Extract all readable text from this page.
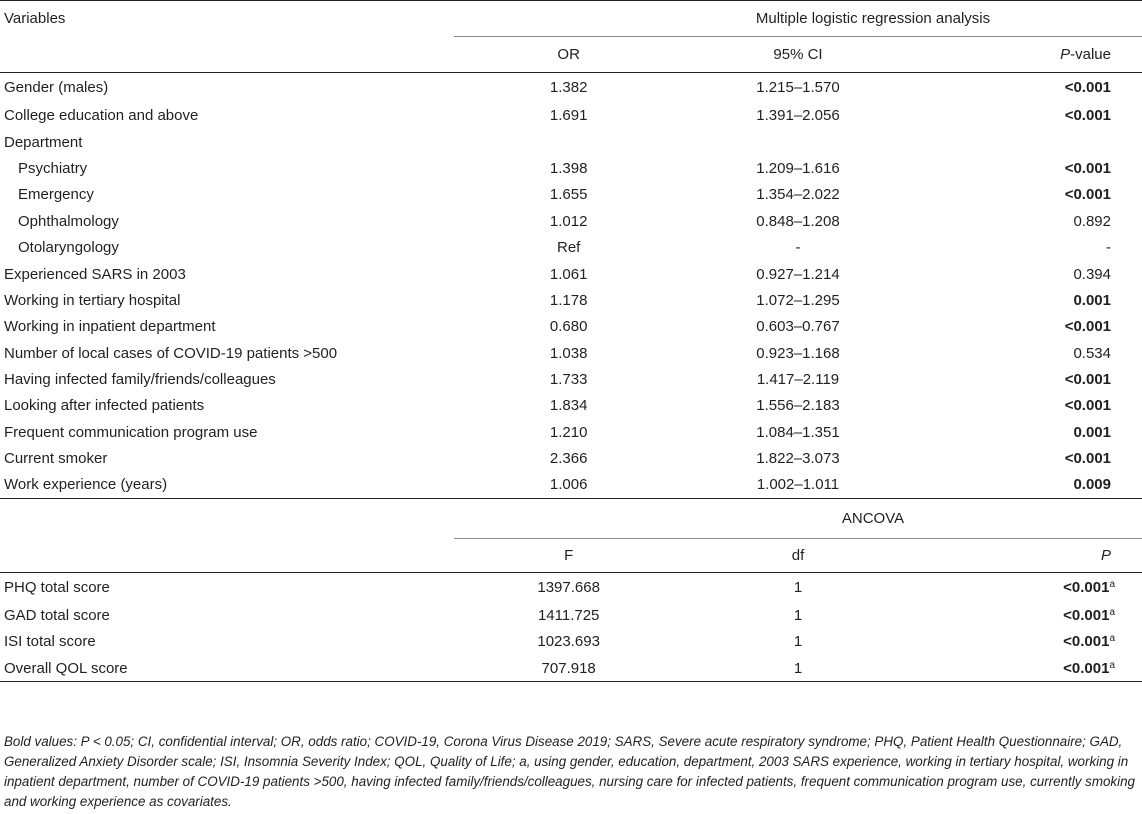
Variables	Multiple logistic regression analysis		
	OR	95% CI	P-value
Gender (males)	1.382	1.215–1.570	<0.001
College education and above	1.691	1.391–2.056	<0.001
Department			
Psychiatry	1.398	1.209–1.616	<0.001
Emergency	1.655	1.354–2.022	<0.001
Ophthalmology	1.012	0.848–1.208	0.892
Otolaryngology	Ref	-	-
Experienced SARS in 2003	1.061	0.927–1.214	0.394
Working in tertiary hospital	1.178	1.072–1.295	0.001
Working in inpatient department	0.680	0.603–0.767	<0.001
Number of local cases of COVID-19 patients >500	1.038	0.923–1.168	0.534
Having infected family/friends/colleagues	1.733	1.417–2.119	<0.001
Looking after infected patients	1.834	1.556–2.183	<0.001
Frequent communication program use	1.210	1.084–1.351	0.001
Current smoker	2.366	1.822–3.073	<0.001
Work experience (years)	1.006	1.002–1.011	0.009
	ANCOVA		
	F	df	P
PHQ total score	1397.668	1	<0.001$^a$
GAD total score	1411.725	1	<0.001$^a$
ISI total score	1023.693	1	<0.001$^a$
Overall QOL score	707.918	1	<0.001$^a$
Bold values: P < 0.05; CI, confidential interval; OR, odds ratio; COVID-19, Corona Virus Disease 2019; SARS, Severe acute respiratory syndrome; PHQ, Patient Health Questionnaire; GAD, Generalized Anxiety Disorder scale; ISI, Insomnia Severity Index; QOL, Quality of Life; a, using gender, education, department, 2003 SARS experience, working in tertiary hospital, working in inpatient department, number of COVID-19 patients >500, having infected family/friends/colleagues, nursing care for infected patients, frequent communication program use, currently smoking and working experience as covariates.
